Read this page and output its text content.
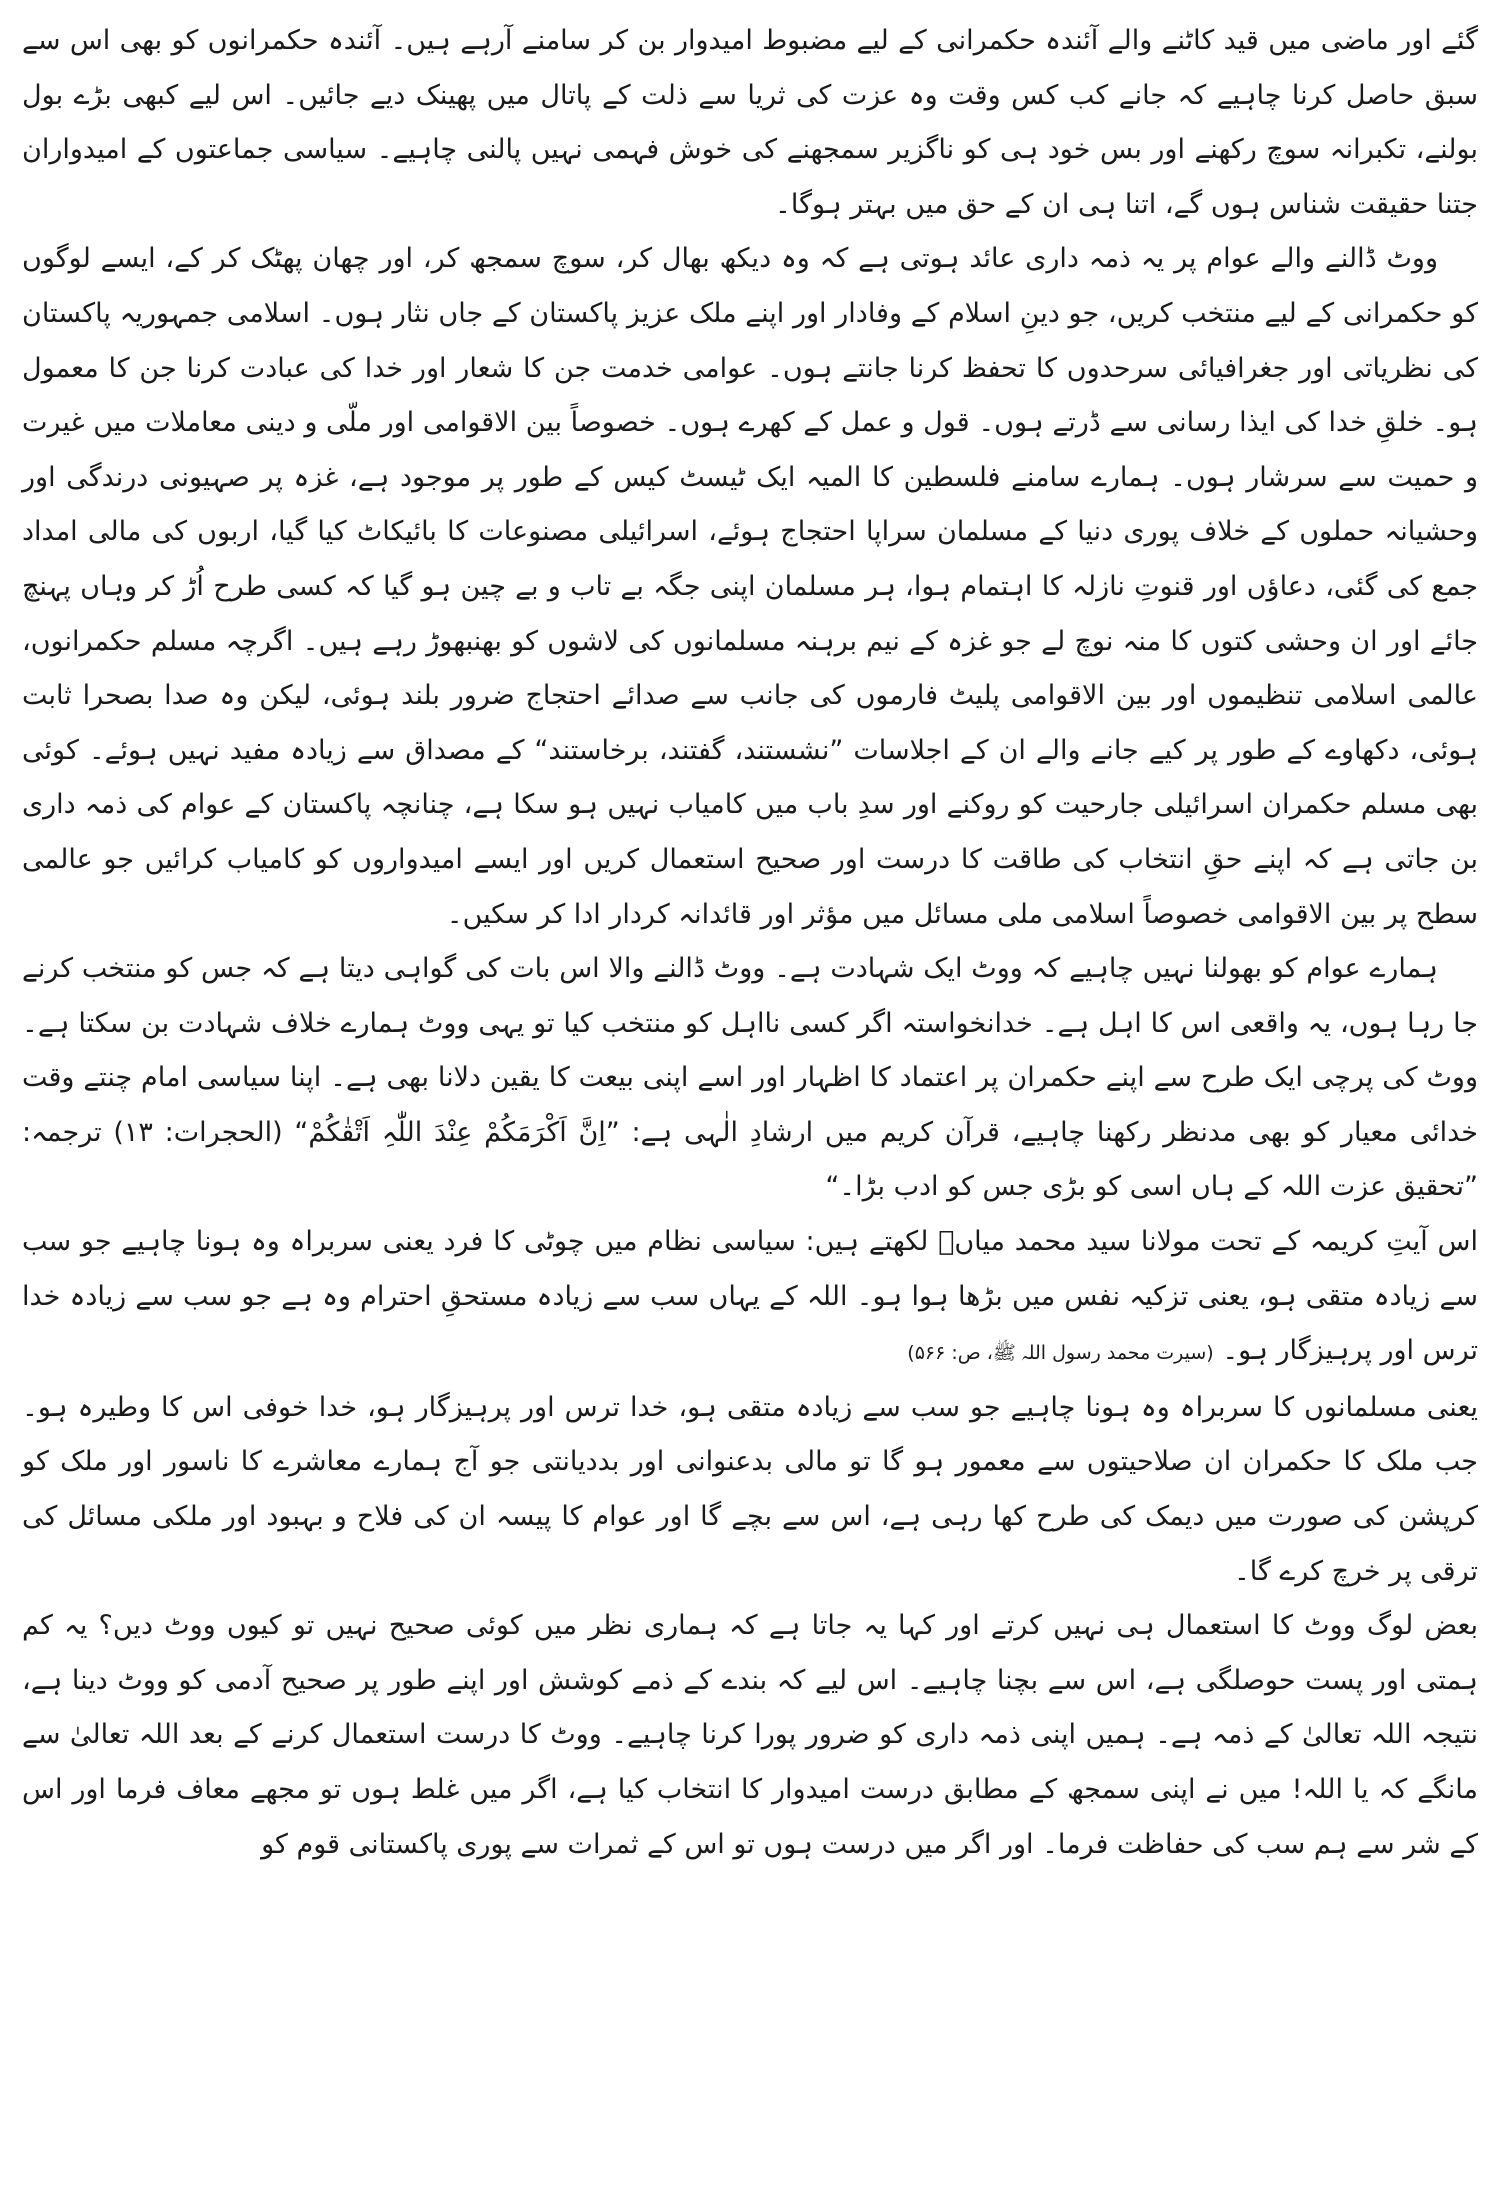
گئے اور ماضی میں قید کاٹنے والے آئندہ حکمرانی کے لیے مضبوط امیدوار بن کر سامنے آرہے ہیں۔ آئندہ حکمرانوں کو بھی اس سے سبق حاصل کرنا چاہیے کہ جانے کب کس وقت وہ عزت کی ثریا سے ذلت کے پاتال میں پھینک دیے جائیں۔ اس لیے کبھی بڑے بول بولنے، تکبرانہ سوچ رکھنے اور بس خود ہی کو ناگزیر سمجھنے کی خوش فہمی نہیں پالنی چاہیے۔ سیاسی جماعتوں کے امیدواران جتنا حقیقت شناس ہوں گے، اتنا ہی ان کے حق میں بہتر ہوگا۔

ووٹ ڈالنے والے عوام پر یہ ذمہ داری عائد ہوتی ہے کہ وہ دیکھ بھال کر، سوچ سمجھ کر، اور چھان پھٹک کر کے، ایسے لوگوں کو حکمرانی کے لیے منتخب کریں، جو دینِ اسلام کے وفادار اور اپنے ملک عزیز پاکستان کے جاں نثار ہوں۔ اسلامی جمہوریہ پاکستان کی نظریاتی اور جغرافیائی سرحدوں کا تحفظ کرنا جانتے ہوں۔ عوامی خدمت جن کا شعار اور خدا کی عبادت کرنا جن کا معمول ہو۔ خلقِ خدا کی ایذا رسانی سے ڈرتے ہوں۔ قول و عمل کے کھرے ہوں۔ خصوصاً بین الاقوامی اور ملّی و دینی معاملات میں غیرت و حمیت سے سرشار ہوں۔ ہمارے سامنے فلسطین کا المیہ ایک ٹیسٹ کیس کے طور پر موجود ہے، غزہ پر صہیونی درندگی اور وحشیانہ حملوں کے خلاف پوری دنیا کے مسلمان سراپا احتجاج ہوئے، اسرائیلی مصنوعات کا بائیکاٹ کیا گیا، اربوں کی مالی امداد جمع کی گئی، دعاؤں اور قنوتِ نازلہ کا اہتمام ہوا، ہر مسلمان اپنی جگہ بے تاب و بے چین ہو گیا کہ کسی طرح اُڑ کر وہاں پہنچ جائے اور ان وحشی کتوں کا منہ نوچ لے جو غزہ کے نیم برہنہ مسلمانوں کی لاشوں کو بھنبھوڑ رہے ہیں۔ اگرچہ مسلم حکمرانوں، عالمی اسلامی تنظیموں اور بین الاقوامی پلیٹ فارموں کی جانب سے صدائے احتجاج ضرور بلند ہوئی، لیکن وہ صدا بصحرا ثابت ہوئی، دکھاوے کے طور پر کیے جانے والے ان کے اجلاسات ”نشستند، گفتند، برخاستند“ کے مصداق سے زیادہ مفید نہیں ہوئے۔ کوئی بھی مسلم حکمران اسرائیلی جارحیت کو روکنے اور سدِ باب میں کامیاب نہیں ہو سکا ہے، چنانچہ پاکستان کے عوام کی ذمہ داری بن جاتی ہے کہ اپنے حقِ انتخاب کی طاقت کا درست اور صحیح استعمال کریں اور ایسے امیدواروں کو کامیاب کرائیں جو عالمی سطح پر بین الاقوامی خصوصاً اسلامی ملی مسائل میں مؤثر اور قائدانہ کردار ادا کر سکیں۔

ہمارے عوام کو بھولنا نہیں چاہیے کہ ووٹ ایک شہادت ہے۔ ووٹ ڈالنے والا اس بات کی گواہی دیتا ہے کہ جس کو منتخب کرنے جا رہا ہوں، یہ واقعی اس کا اہل ہے۔ خدانخواستہ اگر کسی نااہل کو منتخب کیا تو یہی ووٹ ہمارے خلاف شہادت بن سکتا ہے۔ ووٹ کی پرچی ایک طرح سے اپنے حکمران پر اعتماد کا اظہار اور اسے اپنی بیعت کا یقین دلانا بھی ہے۔ اپنا سیاسی امام چنتے وقت خدائی معیار کو بھی مدنظر رکھنا چاہیے، قرآن کریم میں ارشادِ الٰہی ہے: ”اِنَّ اَکْرَمَکُمْ عِنْدَ اللّٰہِ اَتْقٰکُمْ“ (الحجرات: ۱۳) ترجمہ: ”تحقیق عزت اللہ کے ہاں اسی کو بڑی جس کو ادب بڑا۔“

اس آیتِ کریمہ کے تحت مولانا سید محمد میاںؒ لکھتے ہیں: سیاسی نظام میں چوٹی کا فرد یعنی سربراہ وہ ہونا چاہیے جو سب سے زیادہ متقی ہو، یعنی تزکیہ نفس میں بڑھا ہوا ہو۔ اللہ کے یہاں سب سے زیادہ مستحقِ احترام وہ ہے جو سب سے زیادہ خدا ترس اور پرہیزگار ہو۔ (سیرت محمد رسول اللہ ﷺ، ص: ۵۶۶)

یعنی مسلمانوں کا سربراہ وہ ہونا چاہیے جو سب سے زیادہ متقی ہو، خدا ترس اور پرہیزگار ہو، خدا خوفی اس کا وطیرہ ہو۔ جب ملک کا حکمران ان صلاحیتوں سے معمور ہو گا تو مالی بدعنوانی اور بددیانتی جو آج ہمارے معاشرے کا ناسور اور ملک کو کرپشن کی صورت میں دیمک کی طرح کھا رہی ہے، اس سے بچے گا اور عوام کا پیسہ ان کی فلاح و بہبود اور ملکی مسائل کی ترقی پر خرچ کرے گا۔

بعض لوگ ووٹ کا استعمال ہی نہیں کرتے اور کہا یہ جاتا ہے کہ ہماری نظر میں کوئی صحیح نہیں تو کیوں ووٹ دیں؟ یہ کم ہمتی اور پست حوصلگی ہے، اس سے بچنا چاہیے۔ اس لیے کہ بندے کے ذمے کوشش اور اپنے طور پر صحیح آدمی کو ووٹ دینا ہے، نتیجہ اللہ تعالیٰ کے ذمہ ہے۔ ہمیں اپنی ذمہ داری کو ضرور پورا کرنا چاہیے۔ ووٹ کا درست استعمال کرنے کے بعد اللہ تعالیٰ سے مانگے کہ یا اللہ! میں نے اپنی سمجھ کے مطابق درست امیدوار کا انتخاب کیا ہے، اگر میں غلط ہوں تو مجھے معاف فرما اور اس کے شر سے ہم سب کی حفاظت فرما۔ اور اگر میں درست ہوں تو اس کے ثمرات سے پوری پاکستانی قوم کو
